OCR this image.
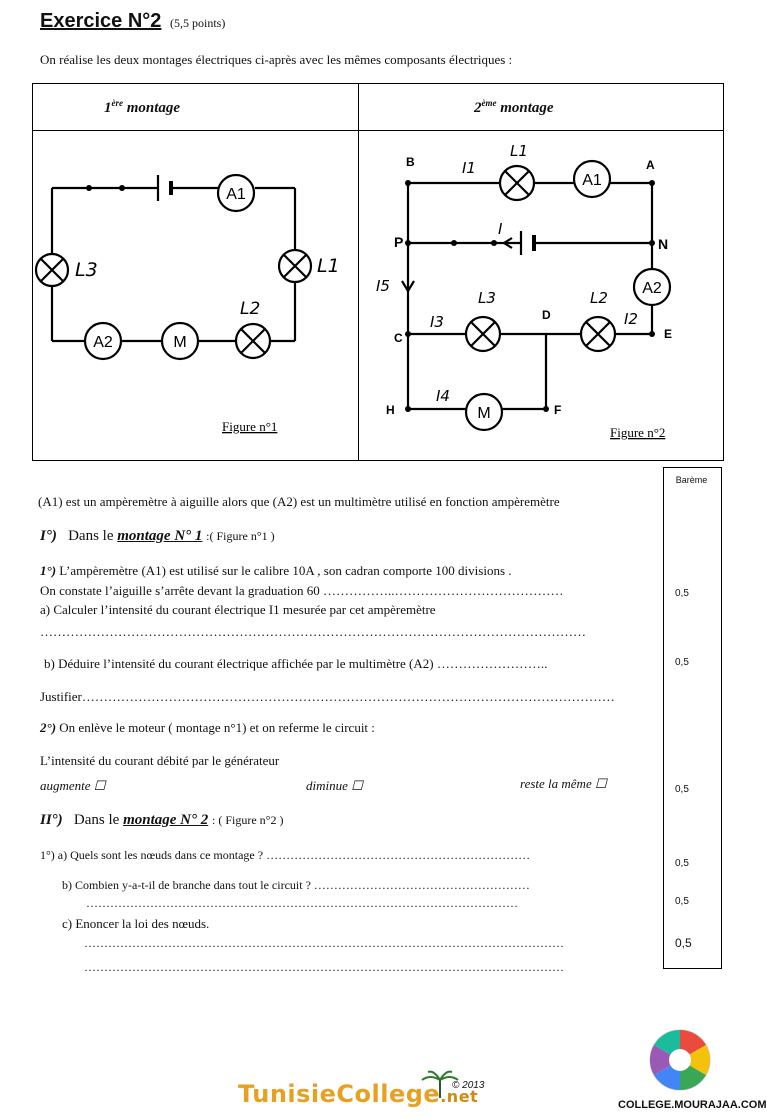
Exercice N°2 (5,5 points)
On réalise les deux montages électriques ci-après avec les mêmes composants électriques :
1ère montage	2ème montage
A1
L3	L1
A2	M
L2
Figure n°1
A1
A2
M
B	A
P	N
C
D
E
H	F
I1
L1
I
I5
I3
L3	L2
I2
I4
Figure n°2
Barème
0,5
0,5
0,5
0,5
0,5
0,5
(A1) est un ampèremètre à aiguille alors que (A2) est un multimètre utilisé en fonction ampèremètre
I°) Dans le montage N° 1 :( Figure n°1 )
1°) L’ampèremètre (A1) est utilisé sur le calibre 10A , son cadran comporte 100 divisions .
On constate l’aiguille s’arrête devant la graduation 60 ……………..…………………………………
a) Calculer l’intensité du courant électrique I1 mesurée par cet ampèremètre
………………………………………………………………………………………………………………
b) Déduire l’intensité du courant électrique affichée par le multimètre (A2) ……………………..
Justifier……………………………………………………………………………………………………………
2°) On enlève le moteur ( montage n°1) et on referme le circuit :
L’intensité du courant débité par le générateur
augmente ☐	diminue ☐	reste la même ☐
II°) Dans le montage N° 2 : ( Figure n°2 )
1°) a) Quels sont les nœuds dans ce montage ? …………………………………………………………
b) Combien y-a-t-il de branche dans tout le circuit ? ………………………………………………
………………………………………………………………………………………………
c) Enoncer la loi des nœuds.
…………………………………………………………………………………………………………
…………………………………………………………………………………………………………
TunisieCollege.net
© 2013
COLLEGE.MOURAJAA.COM
